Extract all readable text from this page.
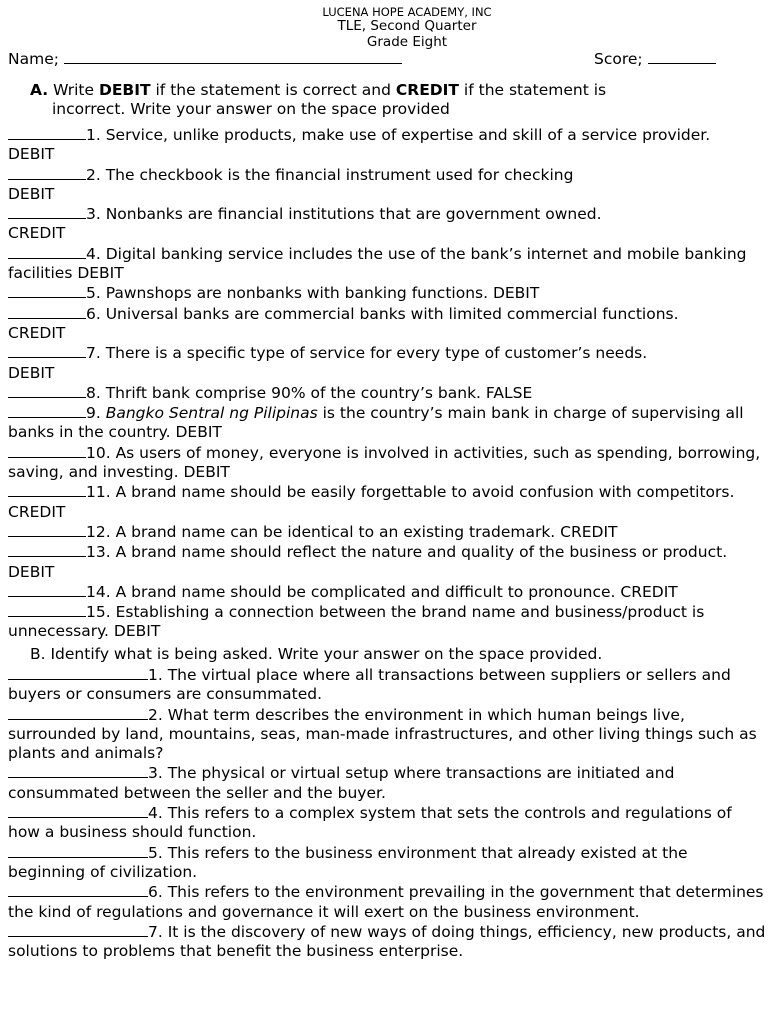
LUCENA HOPE ACADEMY, INC
TLE, Second Quarter
Grade Eight
Name;	Score;
A. Write DEBIT if the statement is correct and CREDIT if the statement is
incorrect. Write your answer on the space provided
1. Service, unlike products, make use of expertise and skill of a service provider.
DEBIT
2. The checkbook is the financial instrument used for checking
DEBIT
3. Nonbanks are financial institutions that are government owned.
CREDIT
4. Digital banking service includes the use of the bank’s internet and mobile banking facilities DEBIT
5. Pawnshops are nonbanks with banking functions. DEBIT
6. Universal banks are commercial banks with limited commercial functions.
CREDIT
7. There is a specific type of service for every type of customer’s needs.
DEBIT
8. Thrift bank comprise 90% of the country’s bank. FALSE
9. Bangko Sentral ng Pilipinas is the country’s main bank in charge of supervising all banks in the country. DEBIT
10. As users of money, everyone is involved in activities, such as spending, borrowing, saving, and investing. DEBIT
11. A brand name should be easily forgettable to avoid confusion with competitors. CREDIT
12. A brand name can be identical to an existing trademark. CREDIT
13. A brand name should reflect the nature and quality of the business or product. DEBIT
14. A brand name should be complicated and difficult to pronounce. CREDIT
15. Establishing a connection between the brand name and business/product is unnecessary. DEBIT
B. Identify what is being asked. Write your answer on the space provided.
1. The virtual place where all transactions between suppliers or sellers and buyers or consumers are consummated.
2. What term describes the environment in which human beings live, surrounded by land, mountains, seas, man-made infrastructures, and other living things such as plants and animals?
3. The physical or virtual setup where transactions are initiated and consummated between the seller and the buyer.
4. This refers to a complex system that sets the controls and regulations of how a business should function.
5. This refers to the business environment that already existed at the beginning of civilization.
6. This refers to the environment prevailing in the government that determines the kind of regulations and governance it will exert on the business environment.
7. It is the discovery of new ways of doing things, efficiency, new products, and solutions to problems that benefit the business enterprise.
